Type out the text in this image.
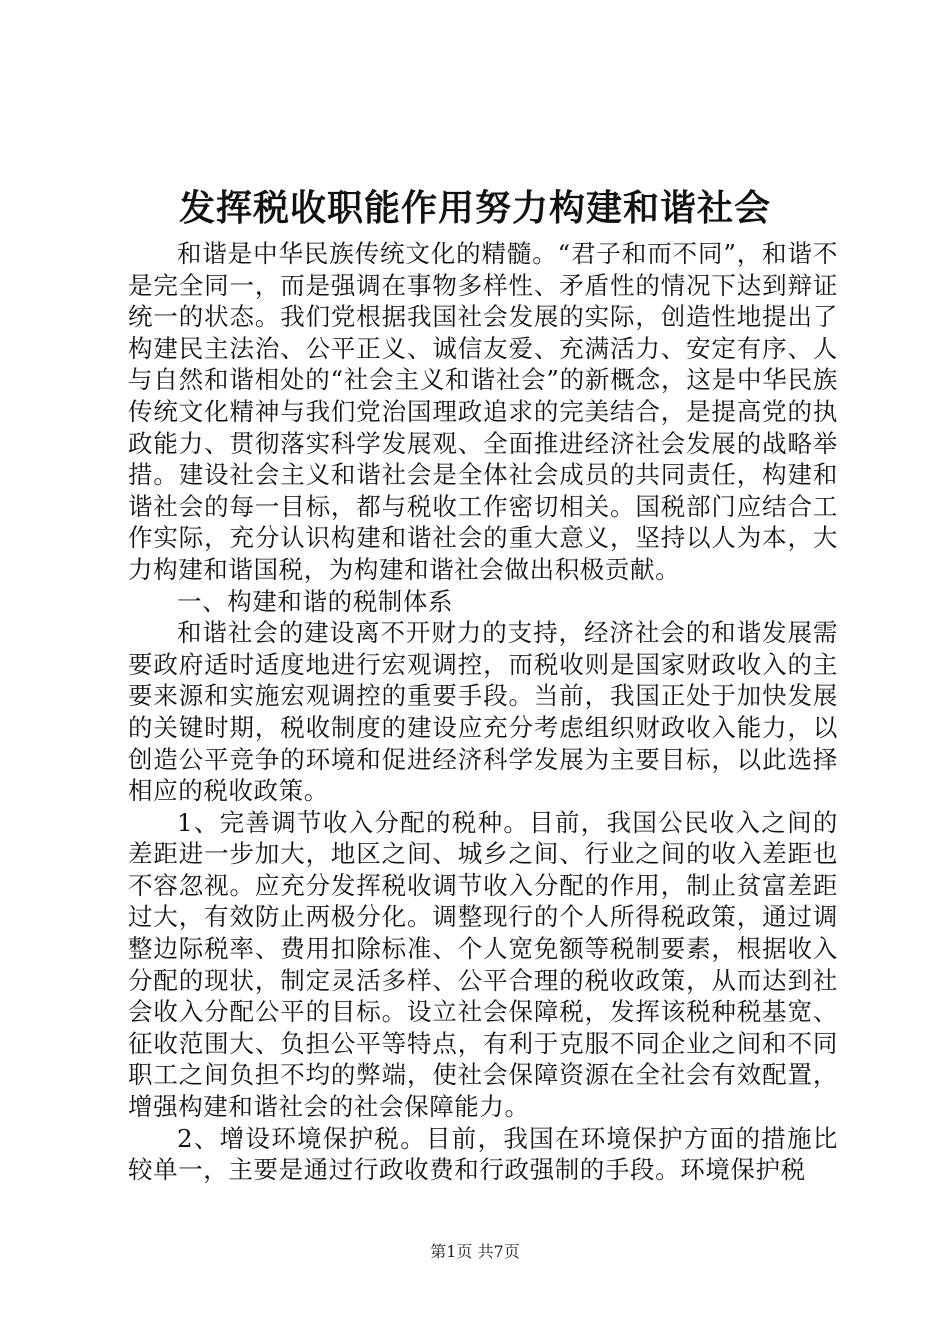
发挥税收职能作用努力构建和谐社会

和谐是中华民族传统文化的精髓。“君子和而不同”，和谐不是完全同一，而是强调在事物多样性、矛盾性的情况下达到辩证统一的状态。我们党根据我国社会发展的实际，创造性地提出了构建民主法治、公平正义、诚信友爱、充满活力、安定有序、人与自然和谐相处的“社会主义和谐社会”的新概念，这是中华民族传统文化精神与我们党治国理政追求的完美结合，是提高党的执政能力、贯彻落实科学发展观、全面推进经济社会发展的战略举措。建设社会主义和谐社会是全体社会成员的共同责任，构建和谐社会的每一目标，都与税收工作密切相关。国税部门应结合工作实际，充分认识构建和谐社会的重大意义，坚持以人为本，大力构建和谐国税，为构建和谐社会做出积极贡献。

一、构建和谐的税制体系

和谐社会的建设离不开财力的支持，经济社会的和谐发展需要政府适时适度地进行宏观调控，而税收则是国家财政收入的主要来源和实施宏观调控的重要手段。当前，我国正处于加快发展的关键时期，税收制度的建设应充分考虑组织财政收入能力，以创造公平竞争的环境和促进经济科学发展为主要目标，以此选择相应的税收政策。

1、完善调节收入分配的税种。目前，我国公民收入之间的差距进一步加大，地区之间、城乡之间、行业之间的收入差距也不容忽视。应充分发挥税收调节收入分配的作用，制止贫富差距过大，有效防止两极分化。调整现行的个人所得税政策，通过调整边际税率、费用扣除标准、个人宽免额等税制要素，根据收入分配的现状，制定灵活多样、公平合理的税收政策，从而达到社会收入分配公平的目标。设立社会保障税，发挥该税种税基宽、征收范围大、负担公平等特点，有利于克服不同企业之间和不同职工之间负担不均的弊端，使社会保障资源在全社会有效配置，增强构建和谐社会的社会保障能力。

2、增设环境保护税。目前，我国在环境保护方面的措施比较单一，主要是通过行政收费和行政强制的手段。环境保护税

第1页 共7页
